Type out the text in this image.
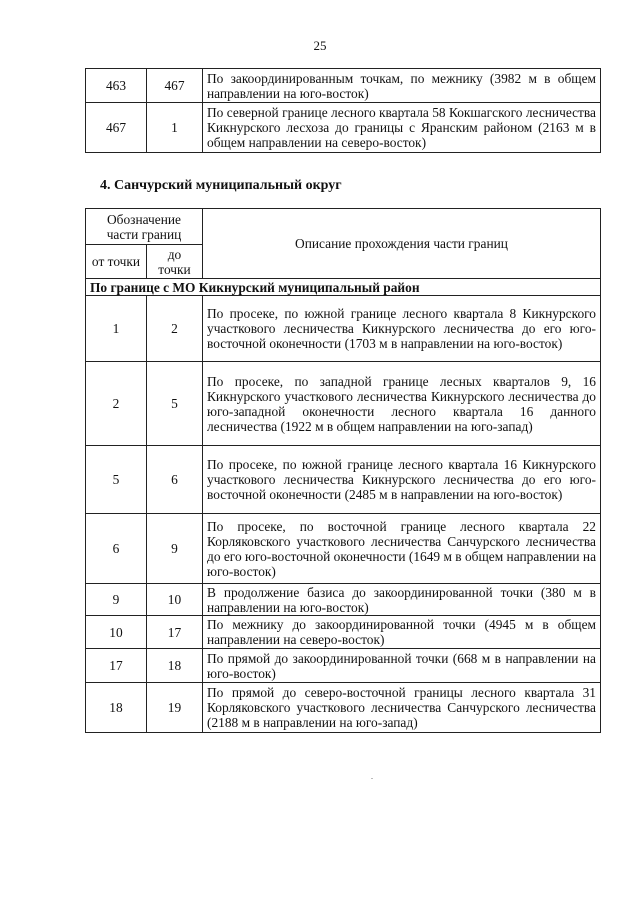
25
463	467	По закоординированным точкам, по межнику (3982 м в общем направлении на юго-восток)
467	1	По северной границе лесного квартала 58 Кокшагского лесничества Кикнурского лесхоза до границы с Яранским районом (2163 м в общем направлении на северо-восток)
4. Санчурский муниципальный округ
Обозначение части границ		Описание прохождения части границ
от точки	до точки	
По границе с МО Кикнурский муниципальный район		
1	2	По просеке, по южной границе лесного квартала 8 Кикнурского участкового лесничества Кикнурского лесничества до его юго-восточной оконечности (1703 м в направлении на юго-восток)
2	5	По просеке, по западной границе лесных кварталов 9, 16 Кикнурского участкового лесничества Кикнурского лесничества до юго-западной оконечности лесного квартала 16 данного лесничества (1922 м в общем направлении на юго-запад)
5	6	По просеке, по южной границе лесного квартала 16 Кикнурского участкового лесничества Кикнурского лесничества до его юго-восточной оконечности (2485 м в направлении на юго-восток)
6	9	По просеке, по восточной границе лесного квартала 22 Корляковского участкового лесничества Санчурского лесничества до его юго-восточной оконечности (1649 м в общем направлении на юго-восток)
9	10	В продолжение базиса до закоординированной точки (380 м в направлении на юго-восток)
10	17	По межнику до закоординированной точки (4945 м в общем направлении на северо-восток)
17	18	По прямой до закоординированной точки (668 м в направлении на юго-восток)
18	19	По прямой до северо-восточной границы лесного квартала 31 Корляковского участкового лесничества Санчурского лесничества (2188 м в направлении на юго-запад)
